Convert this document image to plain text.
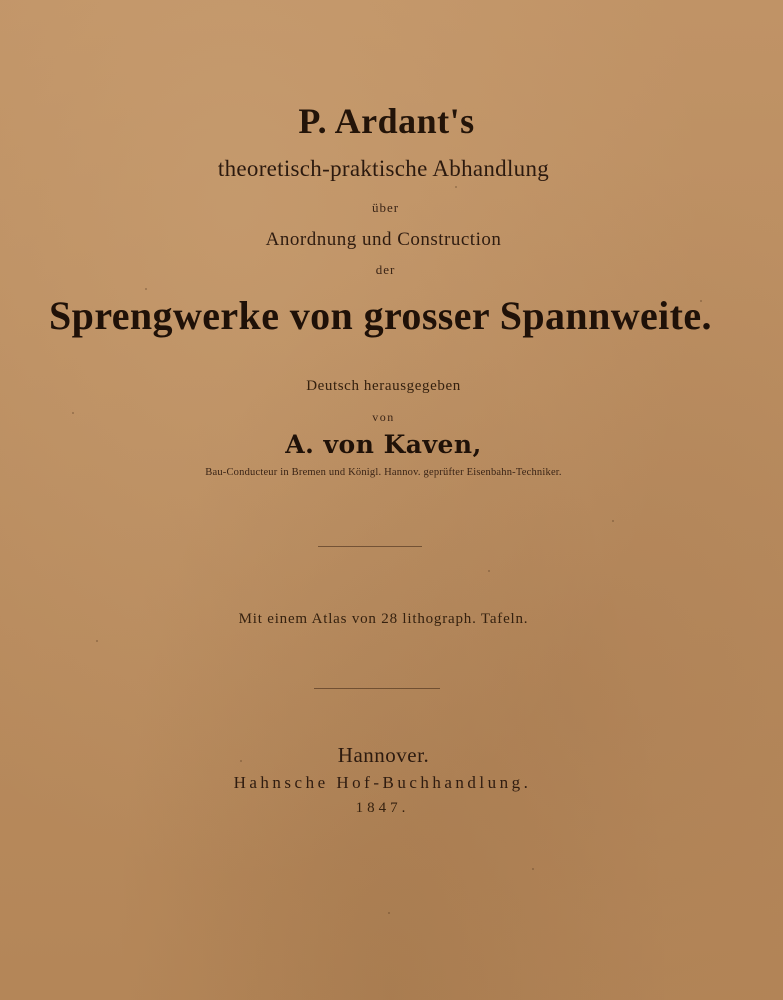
P. Ardant's
theoretisch-praktische Abhandlung
über
Anordnung und Construction
der
Sprengwerke von grosser Spannweite.
Deutsch herausgegeben
von
A. von Kaven,
Bau-Conducteur in Bremen und Königl. Hannov. geprüfter Eisenbahn-Techniker.
Mit einem Atlas von 28 lithograph. Tafeln.
Hannover.
Hahnsche Hof-Buchhandlung.
1847.
